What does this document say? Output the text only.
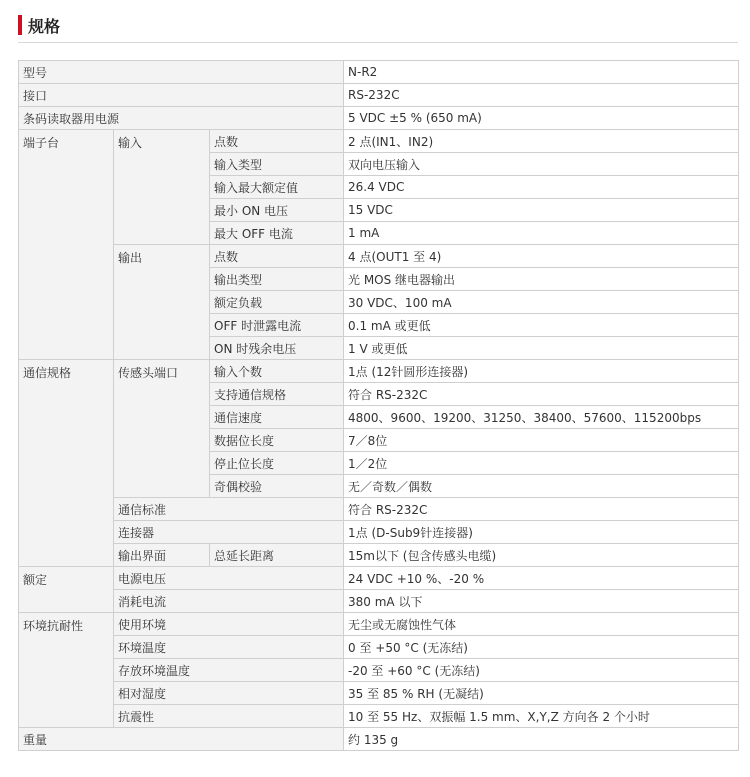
规格
型号			N-R2
接口			RS-232C
条码读取器用电源			5 VDC ±5 % (650 mA)
端子台	输入	点数	2 点(IN1、IN2)
		输入类型	双向电压输入
		输入最大额定值	26.4 VDC
		最小 ON 电压	15 VDC
		最大 OFF 电流	1 mA
	输出	点数	4 点(OUT1 至 4)
		输出类型	光 MOS 继电器输出
		额定负载	30 VDC、100 mA
		OFF 时泄露电流	0.1 mA 或更低
		ON 时残余电压	1 V 或更低
通信规格	传感头端口	输入个数	1点 (12针圆形连接器)
		支持通信规格	符合 RS-232C
		通信速度	4800、9600、19200、31250、38400、57600、115200bps
		数据位长度	7／8位
		停止位长度	1／2位
		奇偶校验	无／奇数／偶数
	通信标准		符合 RS-232C
	连接器		1点 (D-Sub9针连接器)
	输出界面	总延长距离	15m以下 (包含传感头电缆)
额定	电源电压		24 VDC +10 %、-20 %
	消耗电流		380 mA 以下
环境抗耐性	使用环境		无尘或无腐蚀性气体
	环境温度		0 至 +50 °C (无冻结)
	存放环境温度		-20 至 +60 °C (无冻结)
	相对湿度		35 至 85 % RH (无凝结)
	抗震性		10 至 55 Hz、双振幅 1.5 mm、X,Y,Z 方向各 2 个小时
重量			约 135 g
